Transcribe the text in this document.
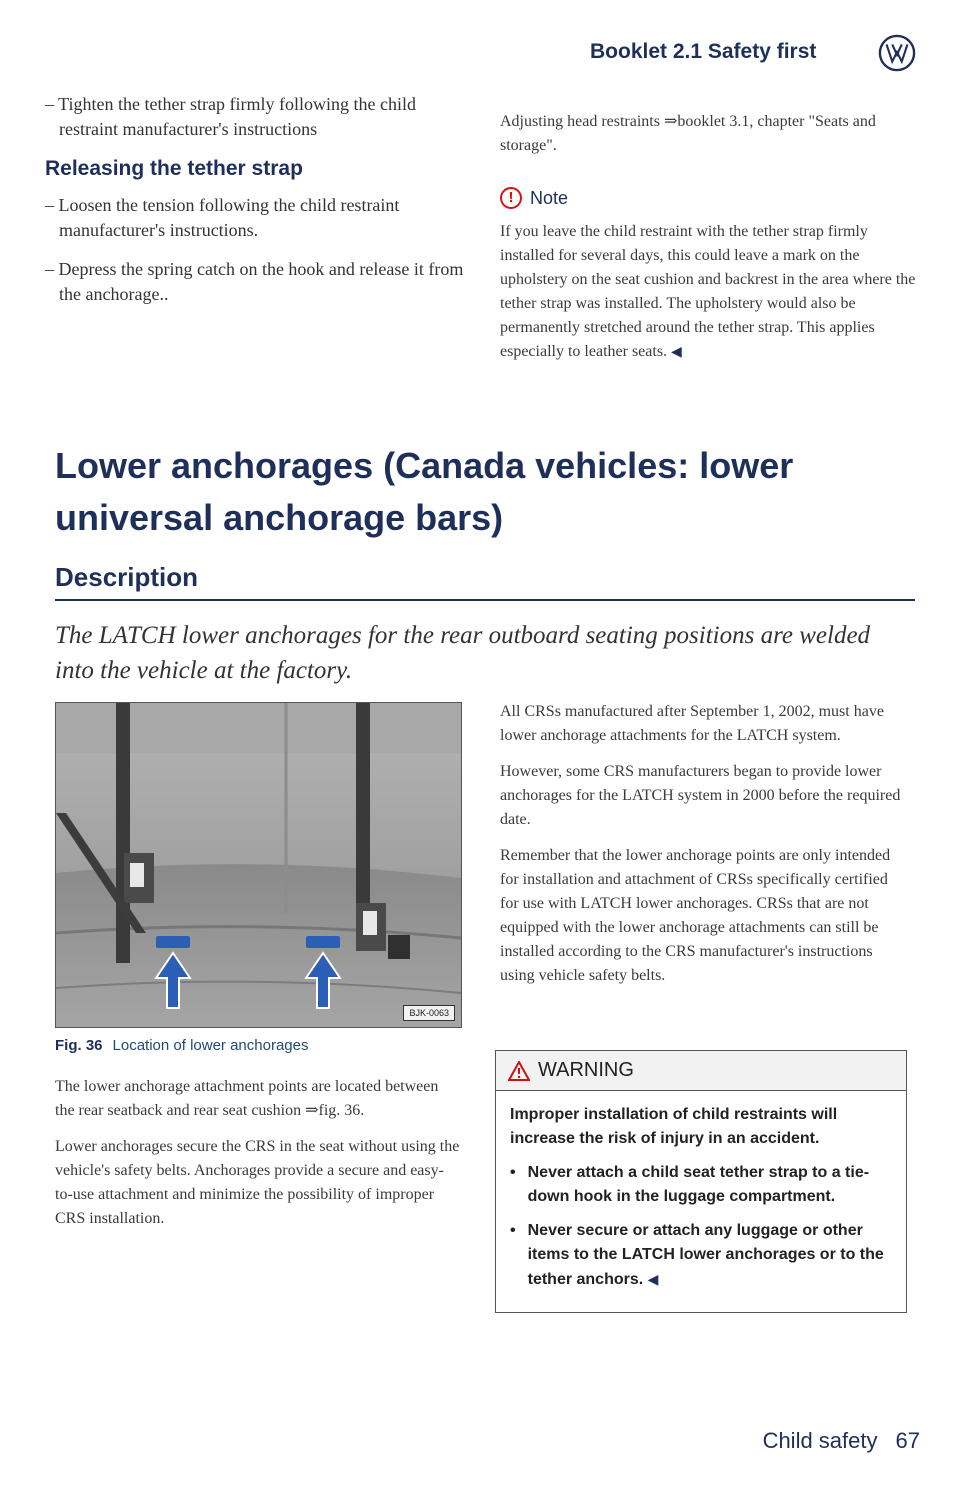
Booklet 2.1 Safety first

– Tighten the tether strap firmly following the child restraint manufacturer's instructions

Releasing the tether strap

– Loosen the tension following the child restraint manufacturer's instructions.

– Depress the spring catch on the hook and release it from the anchorage..

Adjusting head restraints ⇒booklet 3.1, chapter "Seats and storage".

! Note

If you leave the child restraint with the tether strap firmly installed for several days, this could leave a mark on the upholstery on the seat cushion and backrest in the area where the tether strap was installed. The upholstery would also be permanently stretched around the tether strap. This applies especially to leather seats. ◀

Lower anchorages (Canada vehicles: lower universal anchorage bars)
Description
The LATCH lower anchorages for the rear outboard seating positions are welded into the vehicle at the factory.
BJK-0063
Fig. 36 Location of lower anchorages

The lower anchorage attachment points are located between the rear seatback and rear seat cushion ⇒fig. 36.

Lower anchorages secure the CRS in the seat without using the vehicle's safety belts. Anchorages provide a secure and easy-to-use attachment and minimize the possibility of improper CRS installation.

All CRSs manufactured after September 1, 2002, must have lower anchorage attachments for the LATCH system.

However, some CRS manufacturers began to provide lower anchorages for the LATCH system in 2000 before the required date.

Remember that the lower anchorage points are only intended for installation and attachment of CRSs specifically certified for use with LATCH lower anchorages. CRSs that are not equipped with the lower anchorage attachments can still be installed according to the CRS manufacturer's instructions using vehicle safety belts.

WARNING

Improper installation of child restraints will increase the risk of injury in an accident.

• Never attach a child seat tether strap to a tie-down hook in the luggage compartment.

• Never secure or attach any luggage or other items to the LATCH lower anchorages or to the tether anchors. ◀

Child safety 67
